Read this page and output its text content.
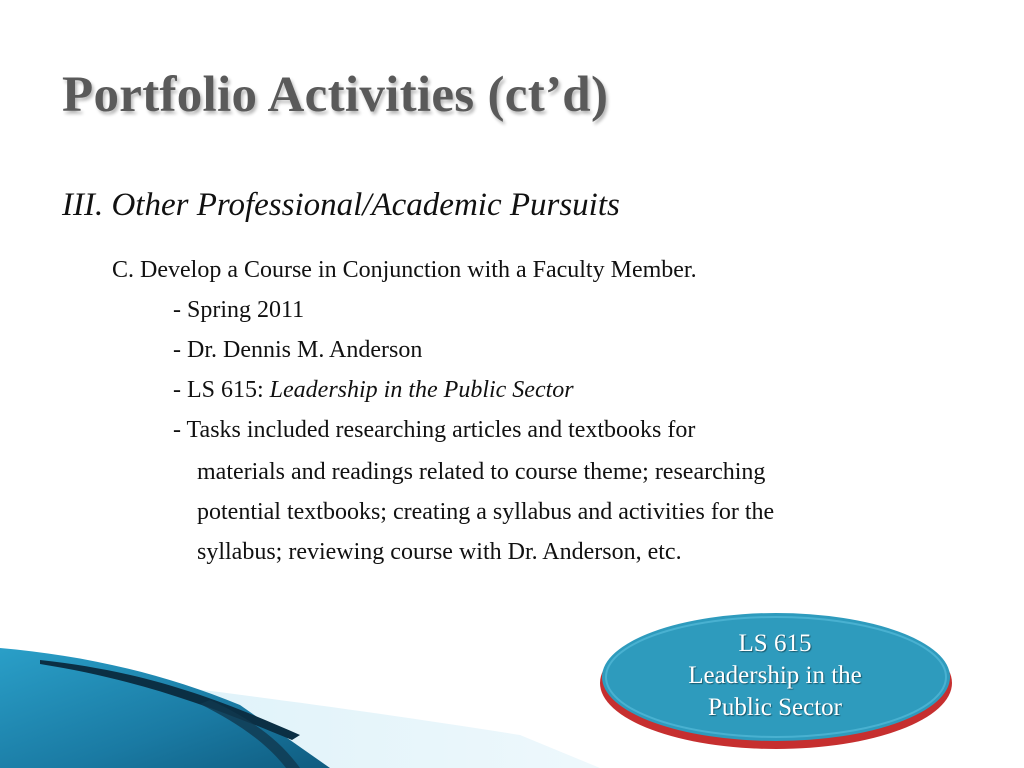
LS 615
Leadership in the
Public Sector
Portfolio Activities (ct’d)
III. Other Professional/Academic Pursuits
C. Develop a Course in Conjunction with a Faculty Member.
- Spring 2011
- Dr. Dennis M. Anderson
- LS 615: Leadership in the Public Sector
- Tasks included researching articles and textbooks for
materials and readings related to course theme; researching
potential textbooks; creating a syllabus and activities for the
syllabus; reviewing course with Dr. Anderson, etc.
